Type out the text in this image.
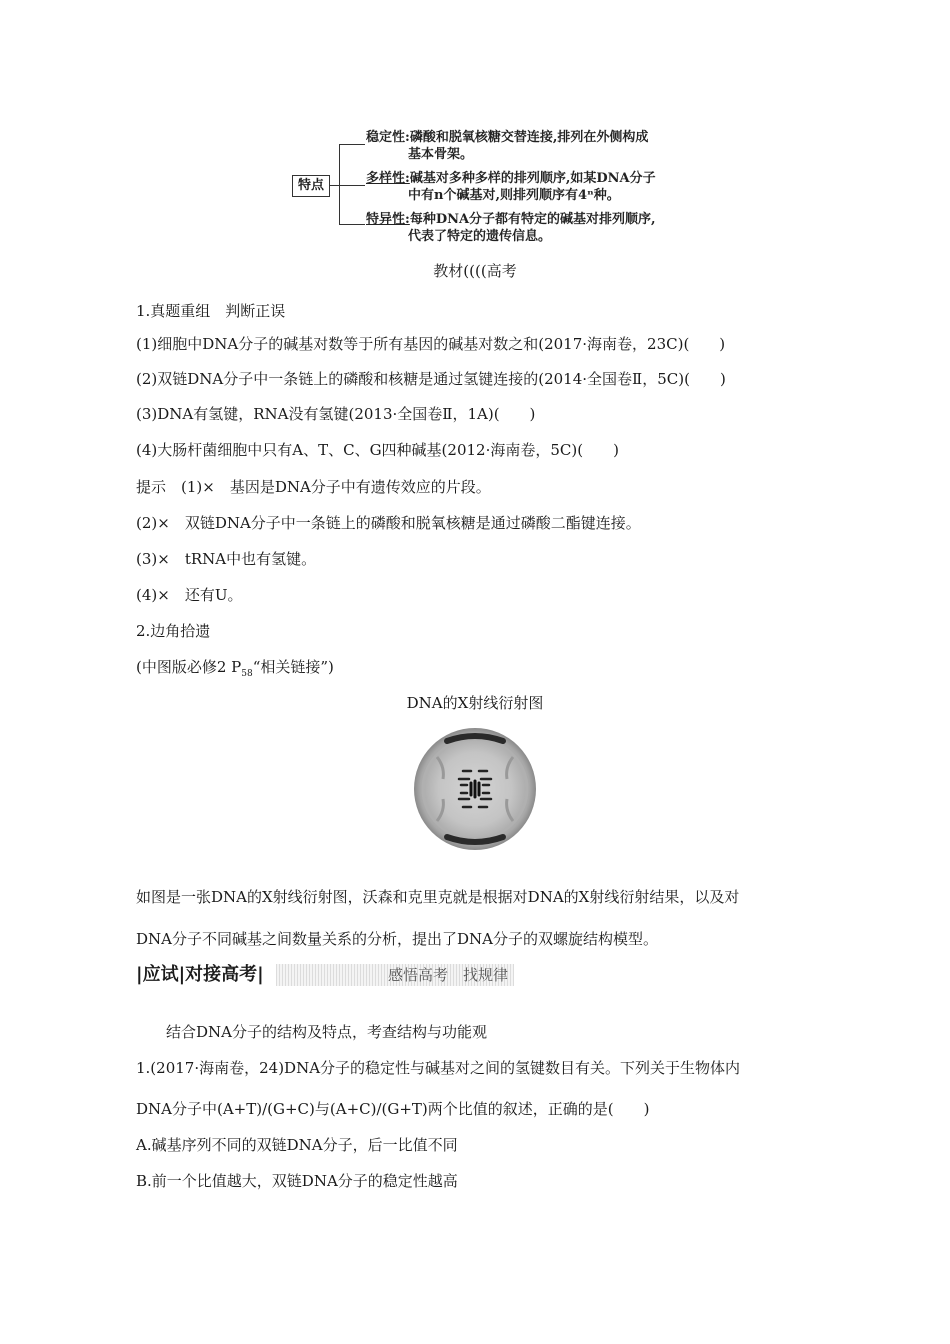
特点
稳定性:磷酸和脱氧核糖交替连接,排列在外侧构成
基本骨架。
多样性:碱基对多种多样的排列顺序,如某DNA分子
中有n个碱基对,则排列顺序有4ⁿ种。
特异性:每种DNA分子都有特定的碱基对排列顺序,
代表了特定的遗传信息。
教材((((高考
1.真题重组　判断正误
(1)细胞中DNA分子的碱基对数等于所有基因的碱基对数之和(2017·海南卷，23C)(　　)
(2)双链DNA分子中一条链上的磷酸和核糖是通过氢键连接的(2014·全国卷Ⅱ，5C)(　　)
(3)DNA有氢键，RNA没有氢键(2013·全国卷Ⅱ，1A)(　　)
(4)大肠杆菌细胞中只有A、T、C、G四种碱基(2012·海南卷，5C)(　　)
提示　(1)×　基因是DNA分子中有遗传效应的片段。
(2)×　双链DNA分子中一条链上的磷酸和脱氧核糖是通过磷酸二酯键连接。
(3)×　tRNA中也有氢键。
(4)×　还有U。
2.边角拾遗
(中图版必修2 $P_{58}“$相关链接”)
DNA的X射线衍射图
如图是一张DNA的X射线衍射图，沃森和克里克就是根据对DNA的X射线衍射结果，以及对
DNA分子不同碱基之间数量关系的分析，提出了DNA分子的双螺旋结构模型。
|应试|对接高考|	感悟高考　找规律
结合DNA分子的结构及特点，考查结构与功能观
1.(2017·海南卷，24)DNA分子的稳定性与碱基对之间的氢键数目有关。下列关于生物体内
DNA分子中(A+T)/(G+C)与(A+C)/(G+T)两个比值的叙述，正确的是(　　)
A.碱基序列不同的双链DNA分子，后一比值不同
B.前一个比值越大，双链DNA分子的稳定性越高
